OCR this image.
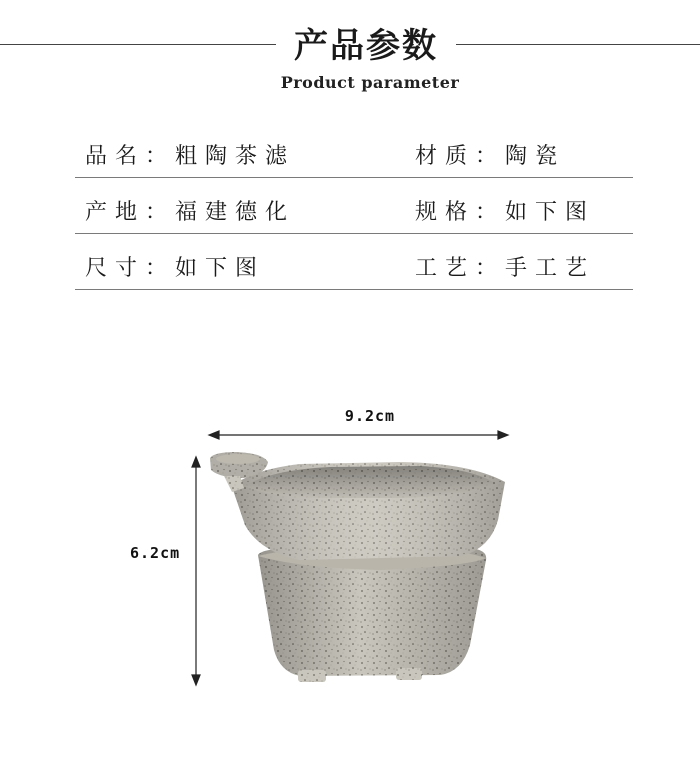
产品参数
Product parameter
品名：粗陶茶滤	材质：陶瓷
产地：福建德化	规格：如下图
尺寸：如下图	工艺：手工艺
9.2cm
6.2cm
